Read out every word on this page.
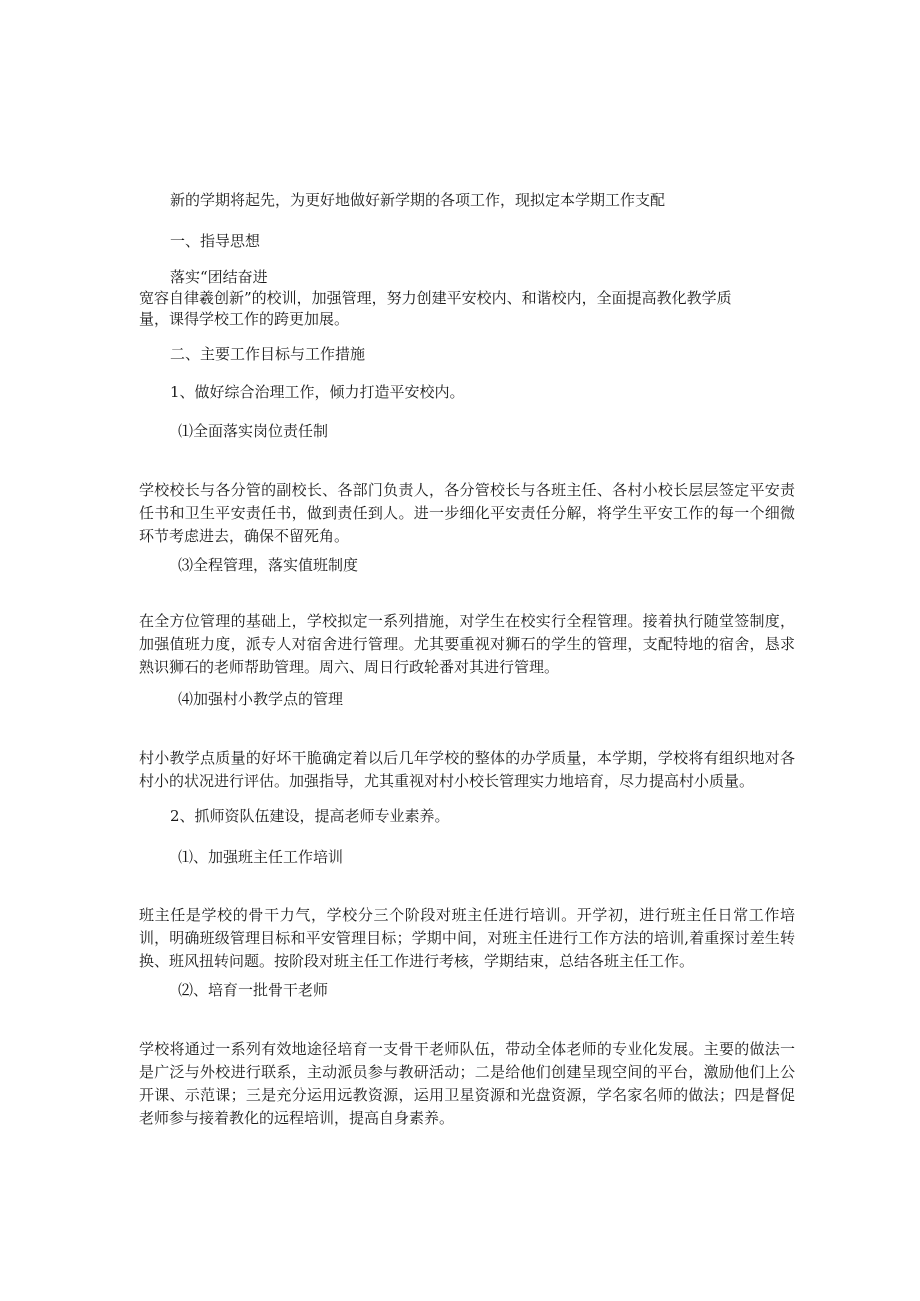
新的学期将起先，为更好地做好新学期的各项工作，现拟定本学期工作支配

一、指导思想

落实“团结奋进

宽容自律羲创新”的校训，加强管理，努力创建平安校内、和谐校内，全面提高教化教学质

量，课得学校工作的跨更加展。

二、主要工作目标与工作措施

1、做好综合治理工作，倾力打造平安校内。

⑴全面落实岗位责任制

学校校长与各分管的副校长、各部门负责人，各分管校长与各班主任、各村小校长层层签定平安责任书和卫生平安责任书，做到责任到人。进一步细化平安责任分解，将学生平安工作的每一个细微环节考虑进去，确保不留死角。

⑶全程管理，落实值班制度

在全方位管理的基础上，学校拟定一系列措施，对学生在校实行全程管理。接着执行随堂签制度，加强值班力度，派专人对宿舍进行管理。尤其要重视对狮石的学生的管理，支配特地的宿舍，恳求熟识狮石的老师帮助管理。周六、周日行政轮番对其进行管理。

⑷加强村小教学点的管理

村小教学点质量的好坏干脆确定着以后几年学校的整体的办学质量，本学期，学校将有组织地对各村小的状况进行评估。加强指导，尤其重视对村小校长管理实力地培育，尽力提高村小质量。

2、抓师资队伍建设，提高老师专业素养。

⑴、加强班主任工作培训

班主任是学校的骨干力气，学校分三个阶段对班主任进行培训。开学初，进行班主任日常工作培训，明确班级管理目标和平安管理目标；学期中间，对班主任进行工作方法的培训,着重探讨差生转换、班风扭转问题。按阶段对班主任工作进行考核，学期结束，总结各班主任工作。

⑵、培育一批骨干老师

学校将通过一系列有效地途径培育一支骨干老师队伍，带动全体老师的专业化发展。主要的做法一是广泛与外校进行联系，主动派员参与教研活动；二是给他们创建呈现空间的平台，激励他们上公开课、示范课；三是充分运用远教资源，运用卫星资源和光盘资源，学名家名师的做法；四是督促老师参与接着教化的远程培训，提高自身素养。
